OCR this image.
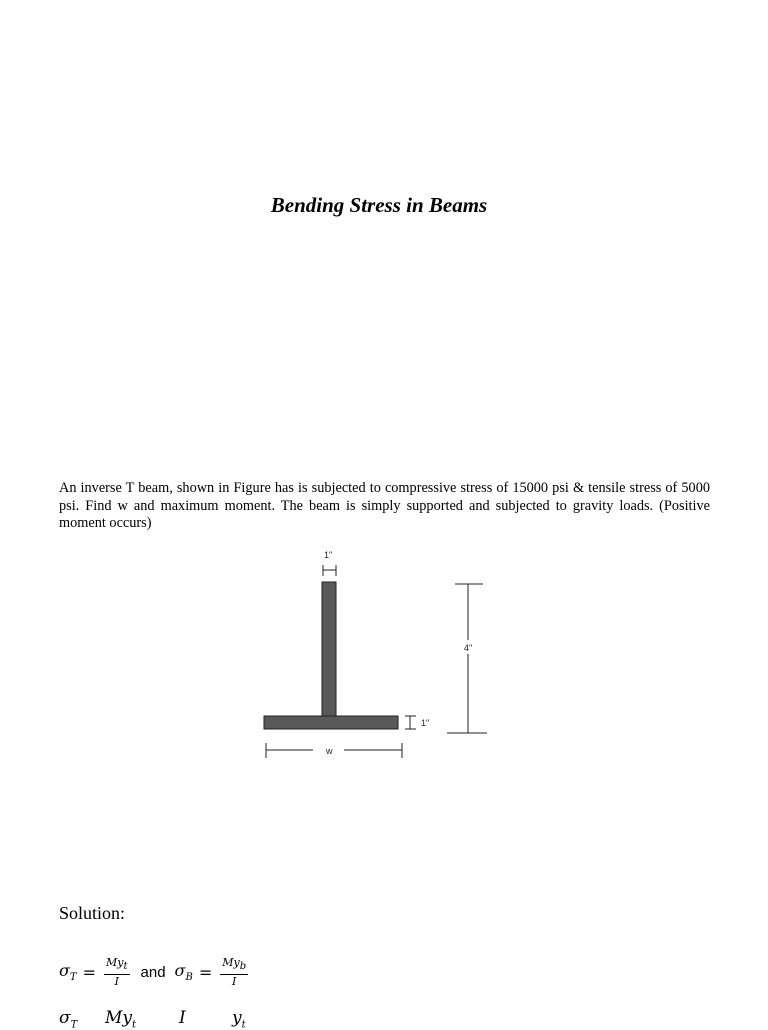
Bending Stress in Beams

An inverse T beam, shown in Figure has is subjected to compressive stress of 15000 psi & tensile stress of 5000 psi. Find w and maximum moment. The beam is simply supported and subjected to gravity loads. (Positive moment occurs)

1"
4"
1"
w
Solution:
$\sigma_T = \frac{My_t}{I}$ and $\sigma_B = \frac{My_b}{I}$
$\sigma_T$ $My_t$	I	$y_t$
